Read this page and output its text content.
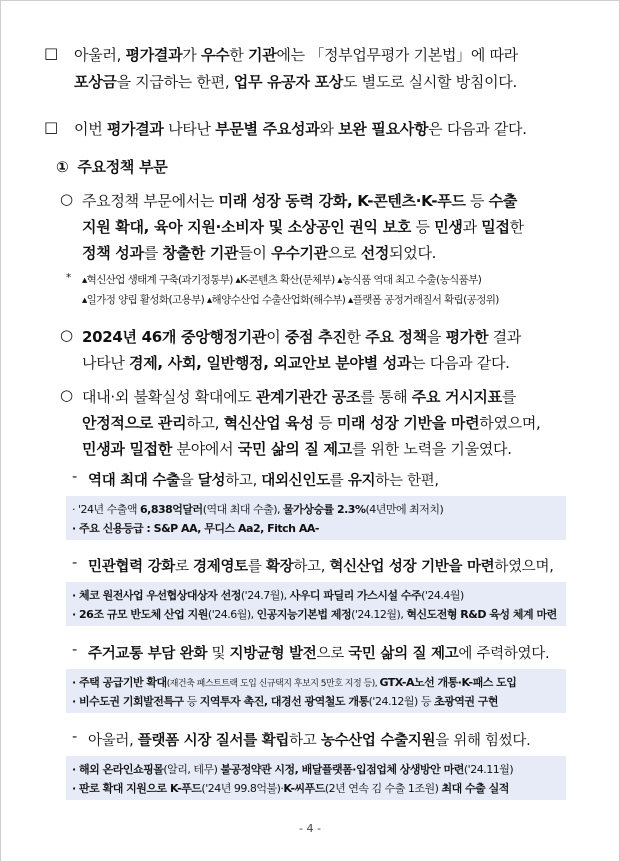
□ 아울러, 평가결과가 우수한 기관에는 「정부업무평가 기본법」에 따라
포상금을 지급하는 한편, 업무 유공자 포상도 별도로 실시할 방침이다.
□ 이번 평가결과 나타난 부문별 주요성과와 보완 필요사항은 다음과 같다.
① 주요정책 부문
○ 주요정책 부문에서는 미래 성장 동력 강화, K-콘텐츠·K-푸드 등 수출
지원 확대, 육아 지원·소비자 및 소상공인 권익 보호 등 민생과 밀접한
정책 성과를 창출한 기관들이 우수기관으로 선정되었다.
* ▴혁신산업 생태계 구축(과기정통부) ▴K-콘텐츠 확산(문체부) ▴농식품 역대 최고 수출(농식품부)
▴일가정 양립 활성화(고용부) ▴해양수산업 수출산업화(해수부) ▴플랫폼 공정거래질서 확립(공정위)
○ 2024년 46개 중앙행정기관이 중점 추진한 주요 정책을 평가한 결과
나타난 경제, 사회, 일반행정, 외교안보 분야별 성과는 다음과 같다.
○ 대내·외 불확실성 확대에도 관계기관간 공조를 통해 주요 거시지표를
안정적으로 관리하고, 혁신산업 육성 등 미래 성장 기반을 마련하였으며,
민생과 밀접한 분야에서 국민 삶의 질 제고를 위한 노력을 기울였다.
- 역대 최대 수출을 달성하고, 대외신인도를 유지하는 한편,
· '24년 수출액 6,838억달러(역대 최대 수출), 물가상승률 2.3%(4년만에 최저치)
· 주요 신용등급 : S&P AA, 무디스 Aa2, Fitch AA-
- 민관협력 강화로 경제영토를 확장하고, 혁신산업 성장 기반을 마련하였으며,
· 체코 원전사업 우선협상대상자 선정('24.7월), 사우디 파딜리 가스시설 수주('24.4월)
· 26조 규모 반도체 산업 지원('24.6월), 인공지능기본법 제정('24.12월), 혁신도전형 R&D 육성 체계 마련
- 주거교통 부담 완화 및 지방균형 발전으로 국민 삶의 질 제고에 주력하였다.
· 주택 공급기반 확대(재건축 패스트트랙 도입 신규택지 후보지 5만호 지정 등), GTX-A노선 개통·K-패스 도입
· 비수도권 기회발전특구 등 지역투자 촉진, 대경선 광역철도 개통('24.12월) 등 초광역권 구현
- 아울러, 플랫폼 시장 질서를 확립하고 농수산업 수출지원을 위해 힘썼다.
· 해외 온라인쇼핑몰(알리, 테무) 불공정약관 시정, 배달플랫폼·입점업체 상생방안 마련('24.11월)
· 판로 확대 지원으로 K-푸드('24년 99.8억불)·K-씨푸드(2년 연속 김 수출 1조원) 최대 수출 실적
- 4 -
